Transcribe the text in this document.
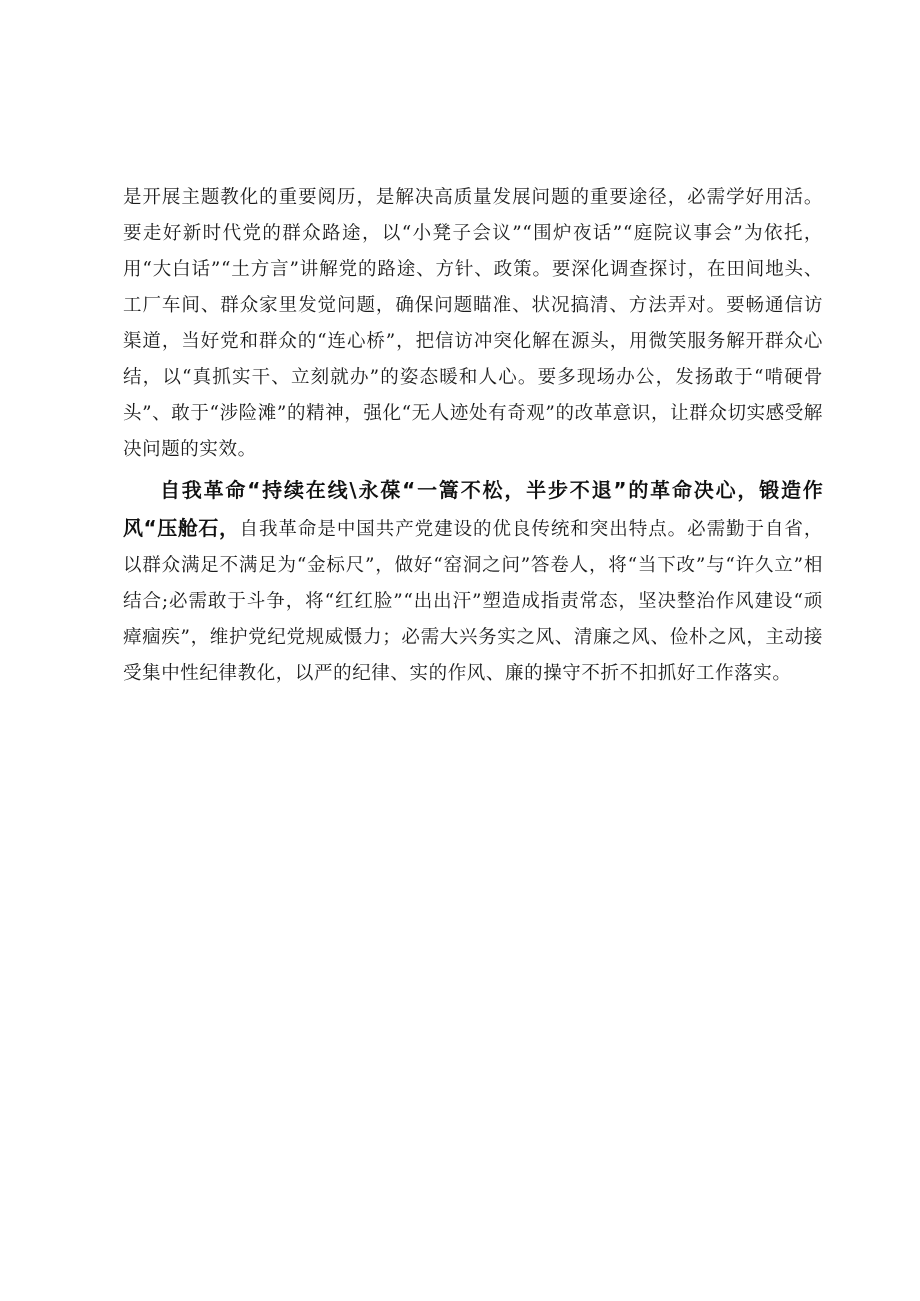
是开展主题教化的重要阅历，是解决高质量发展问题的重要途径，必需学好用活。要走好新时代党的群众路途，以“小凳子会议”“围炉夜话”“庭院议事会”为依托，用“大白话”“土方言”讲解党的路途、方针、政策。要深化调查探讨，在田间地头、工厂车间、群众家里发觉问题，确保问题瞄准、状况搞清、方法弄对。要畅通信访渠道，当好党和群众的“连心桥”，把信访冲突化解在源头，用微笑服务解开群众心结，以“真抓实干、立刻就办”的姿态暖和人心。要多现场办公，发扬敢于“啃硬骨头”、敢于“涉险滩”的精神，强化“无人迹处有奇观”的改革意识，让群众切实感受解决问题的实效。

自我革命“持续在线\永葆“一篙不松，半步不退”的革命决心，锻造作风“压舱石，自我革命是中国共产党建设的优良传统和突出特点。必需勤于自省，以群众满足不满足为“金标尺”，做好“窑洞之问”答卷人，将“当下改”与“许久立”相结合;必需敢于斗争，将“红红脸”“出出汗”塑造成指责常态，坚决整治作风建设“顽瘴痼疾”，维护党纪党规威慑力；必需大兴务实之风、清廉之风、俭朴之风，主动接受集中性纪律教化，以严的纪律、实的作风、廉的操守不折不扣抓好工作落实。
